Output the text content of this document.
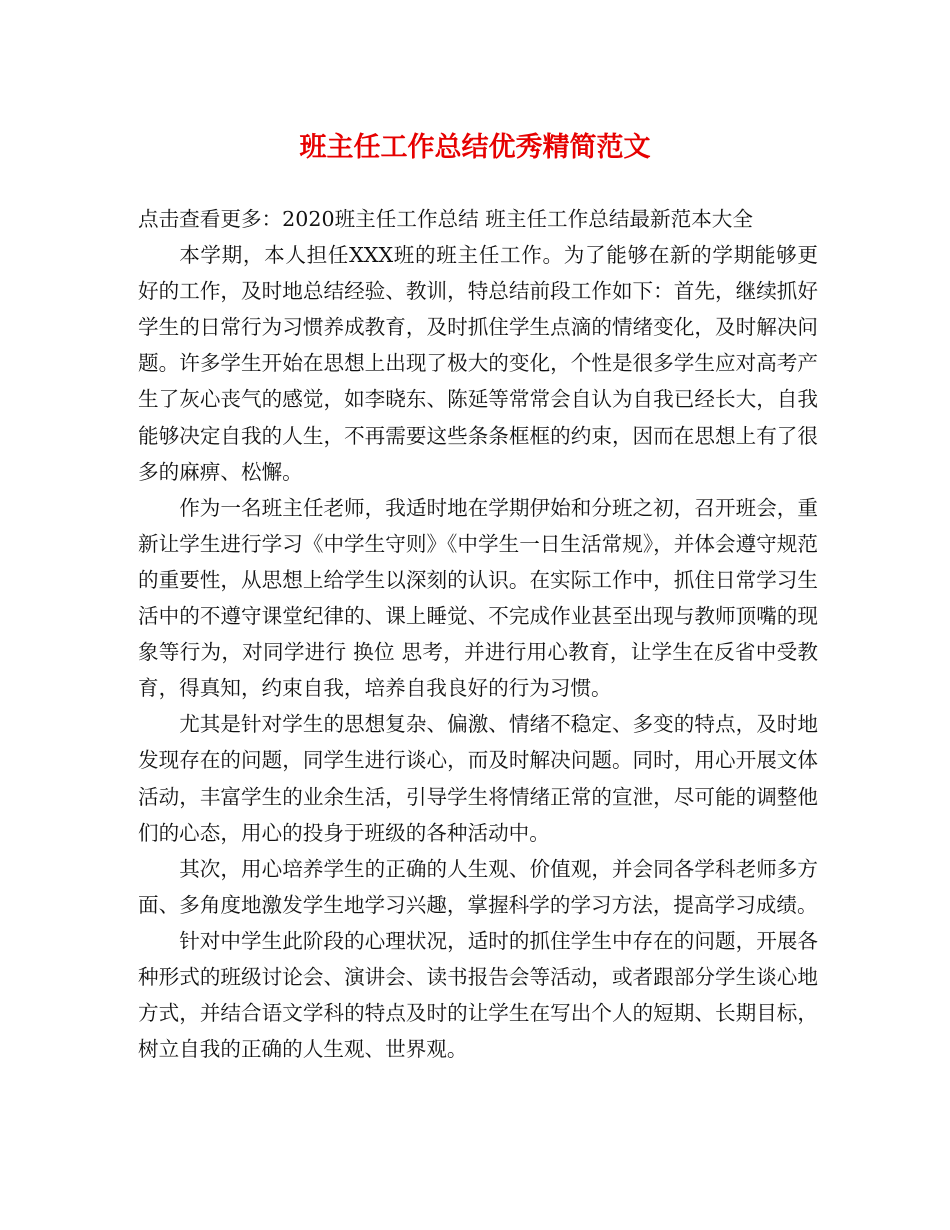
班主任工作总结优秀精简范文

点击查看更多：2020班主任工作总结 班主任工作总结最新范本大全

本学期，本人担任XXX班的班主任工作。为了能够在新的学期能够更好的工作，及时地总结经验、教训，特总结前段工作如下：首先，继续抓好学生的日常行为习惯养成教育，及时抓住学生点滴的情绪变化，及时解决问题。许多学生开始在思想上出现了极大的变化，个性是很多学生应对高考产生了灰心丧气的感觉，如李晓东、陈延等常常会自认为自我已经长大，自我能够决定自我的人生，不再需要这些条条框框的约束，因而在思想上有了很多的麻痹、松懈。

作为一名班主任老师，我适时地在学期伊始和分班之初，召开班会，重新让学生进行学习《中学生守则》《中学生一日生活常规》，并体会遵守规范的重要性，从思想上给学生以深刻的认识。在实际工作中，抓住日常学习生活中的不遵守课堂纪律的、课上睡觉、不完成作业甚至出现与教师顶嘴的现象等行为，对同学进行 换位 思考，并进行用心教育，让学生在反省中受教育，得真知，约束自我，培养自我良好的行为习惯。

尤其是针对学生的思想复杂、偏激、情绪不稳定、多变的特点，及时地发现存在的问题，同学生进行谈心，而及时解决问题。同时，用心开展文体活动，丰富学生的业余生活，引导学生将情绪正常的宣泄，尽可能的调整他们的心态，用心的投身于班级的各种活动中。

其次，用心培养学生的正确的人生观、价值观，并会同各学科老师多方面、多角度地激发学生地学习兴趣，掌握科学的学习方法，提高学习成绩。

针对中学生此阶段的心理状况，适时的抓住学生中存在的问题，开展各种形式的班级讨论会、演讲会、读书报告会等活动，或者跟部分学生谈心地方式，并结合语文学科的特点及时的让学生在写出个人的短期、长期目标，树立自我的正确的人生观、世界观。
